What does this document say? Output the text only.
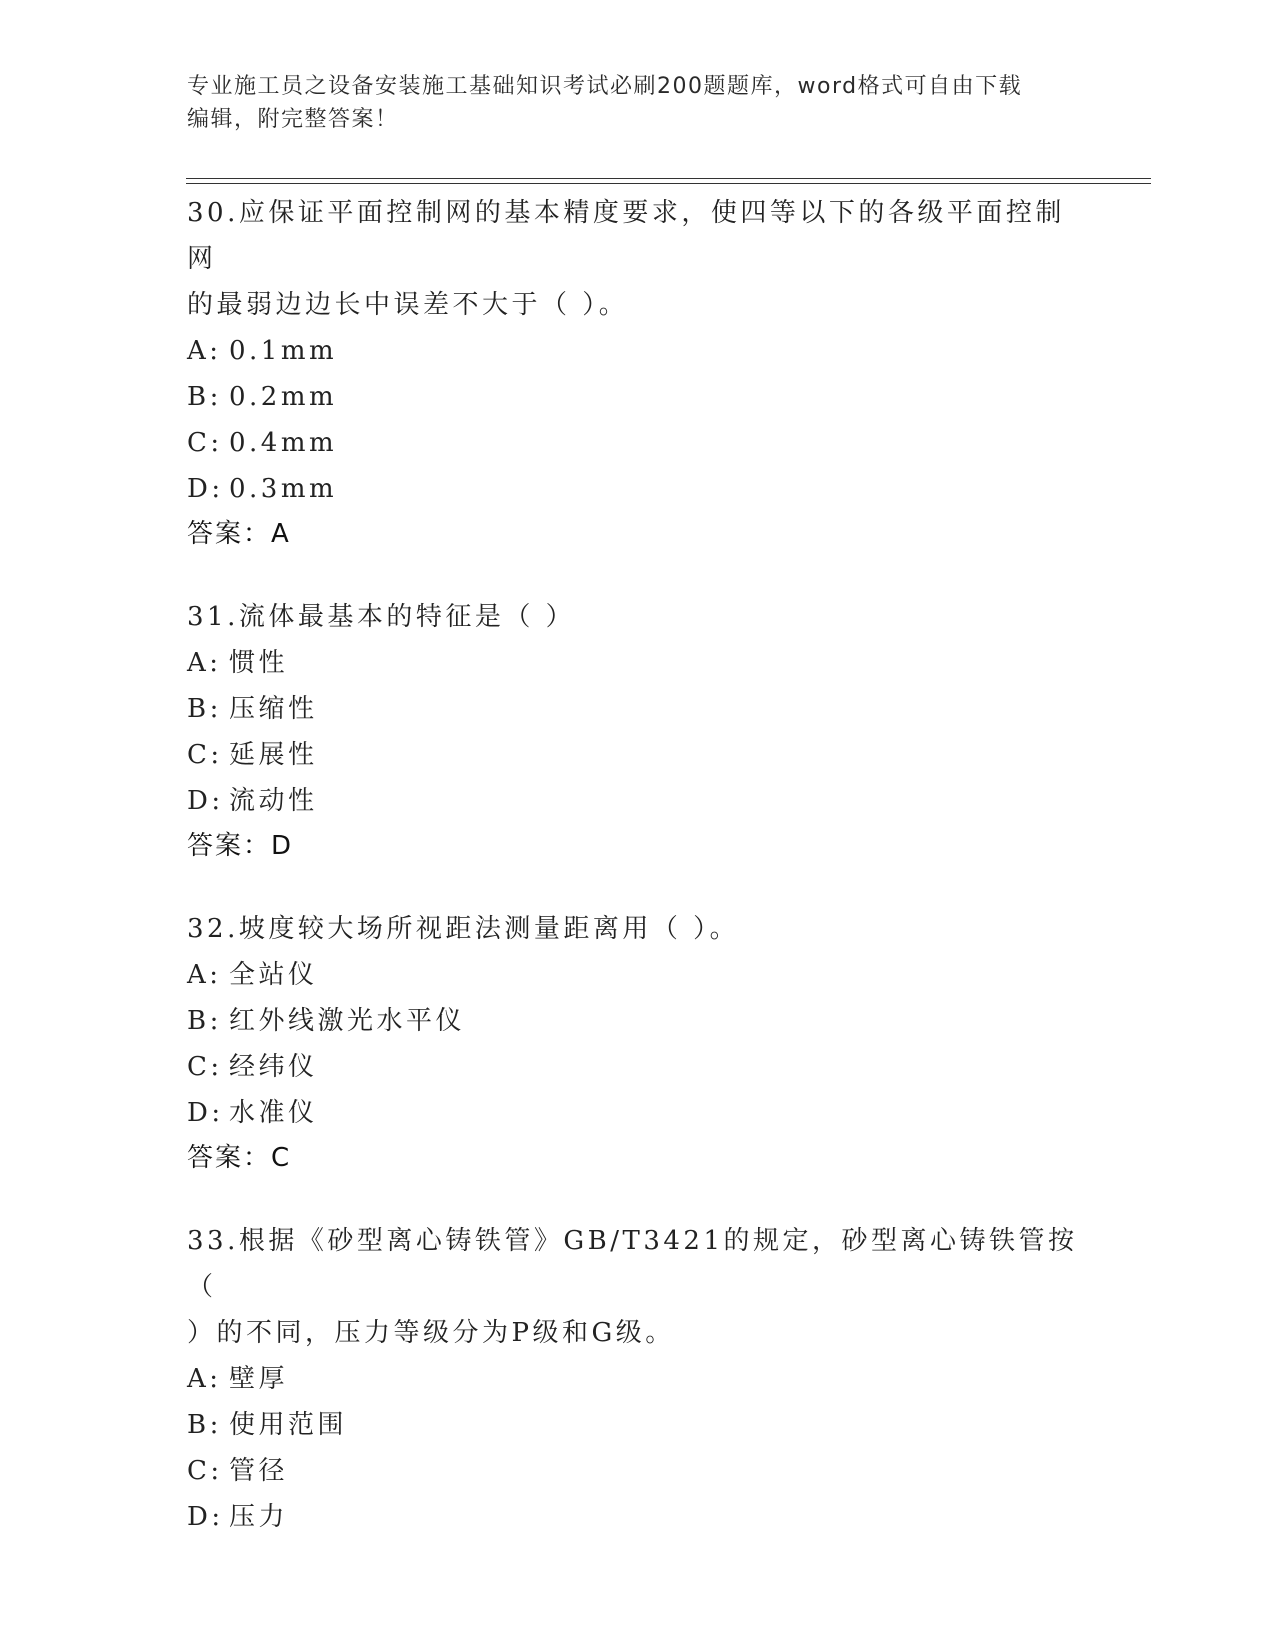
专业施工员之设备安装施工基础知识考试必刷200题题库，word格式可自由下载
编辑，附完整答案！
30.应保证平面控制网的基本精度要求，使四等以下的各级平面控制网
的最弱边边长中误差不大于（ ）。
A: 0.1mm
B: 0.2mm
C: 0.4mm
D: 0.3mm
答案：A
31.流体最基本的特征是（ ）
A: 惯性
B: 压缩性
C: 延展性
D: 流动性
答案：D
32.坡度较大场所视距法测量距离用（ ）。
A: 全站仪
B: 红外线激光水平仪
C: 经纬仪
D: 水准仪
答案：C
33.根据《砂型离心铸铁管》GB/T3421的规定，砂型离心铸铁管按（
）的不同，压力等级分为P级和G级。
A: 壁厚
B: 使用范围
C: 管径
D: 压力
